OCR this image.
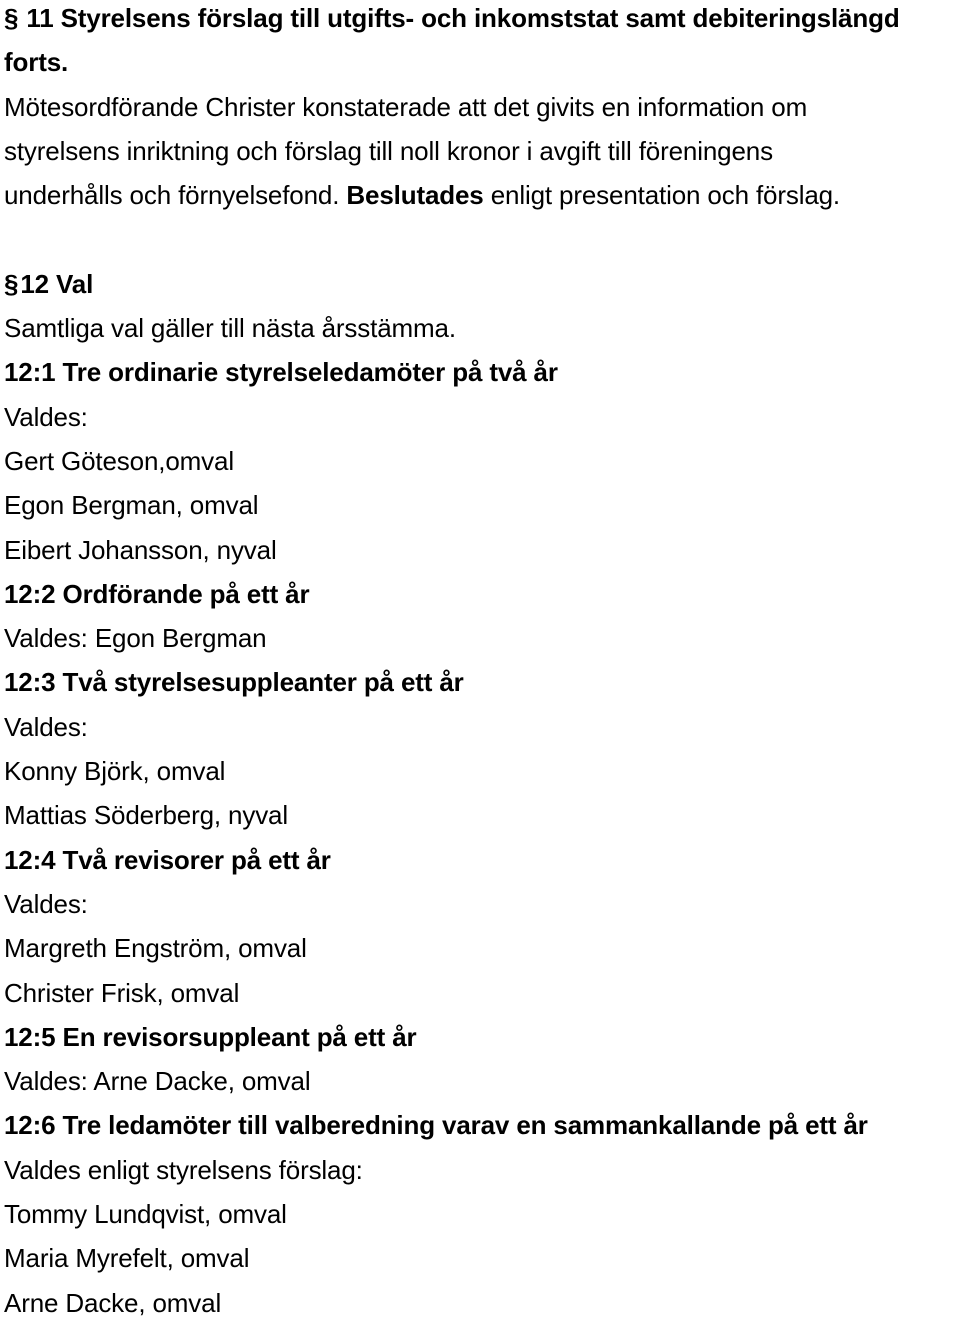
§ 11 Styrelsens förslag till utgifts- och inkomststat samt debiteringslängd
forts.
Mötesordförande Christer konstaterade att det givits en information om
styrelsens inriktning och förslag till noll kronor i avgift till föreningens
underhålls och förnyelsefond. Beslutades enligt presentation och förslag.
§12 Val
Samtliga val gäller till nästa årsstämma.
12:1 Tre ordinarie styrelseledamöter på två år
Valdes:
Gert Göteson,omval
Egon Bergman, omval
Eibert Johansson, nyval
12:2 Ordförande på ett år
Valdes: Egon Bergman
12:3 Två styrelsesuppleanter på ett år
Valdes:
Konny Björk, omval
Mattias Söderberg, nyval
12:4 Två revisorer på ett år
Valdes:
Margreth Engström, omval
Christer Frisk, omval
12:5 En revisorsuppleant på ett år
Valdes: Arne Dacke, omval
12:6 Tre ledamöter till valberedning varav en sammankallande på ett år
Valdes enligt styrelsens förslag:
Tommy Lundqvist, omval
Maria Myrefelt, omval
Arne Dacke, omval
